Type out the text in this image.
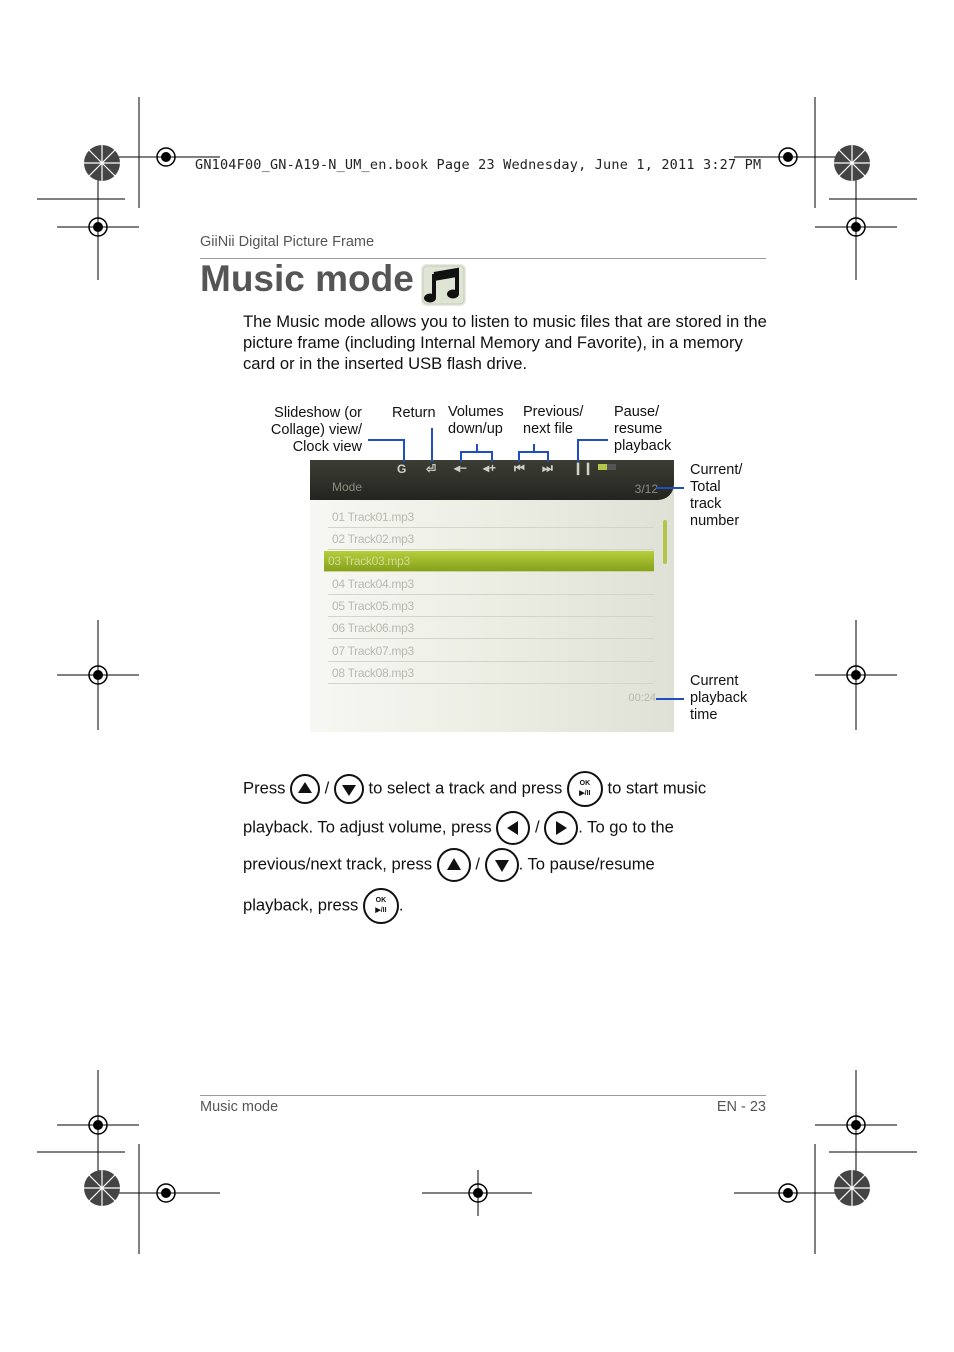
GN104F00_GN-A19-N_UM_en.book Page 23 Wednesday, June 1, 2011 3:27 PM
GiiNii Digital Picture Frame
Music mode
The Music mode allows you to listen to music files that are stored in the picture frame (including Internal Memory and Favorite), in a memory card or in the inserted USB flash drive.
Slideshow (or
Collage) view/
Clock view
Return Volumes
down/up
Previous/
next file
Pause/
resume
playback
Current/
Total
track
number
Current
playback
time
Mode	3/12
G ⏎ ◂− ◂+ ⏮ ⏭ ❙❙
01 Track01.mp3
02 Track02.mp3
03 Track03.mp3
04 Track04.mp3
05 Track05.mp3
06 Track06.mp3
07 Track07.mp3
08 Track08.mp3
00:24
Press / to select a track and press	OK
▶/II	to start music
playback. To adjust volume, press	/ . To go to the
previous/next track, press	/ . To pause/resume
playback, press	OK
▶/II .
Music mode	EN - 23
